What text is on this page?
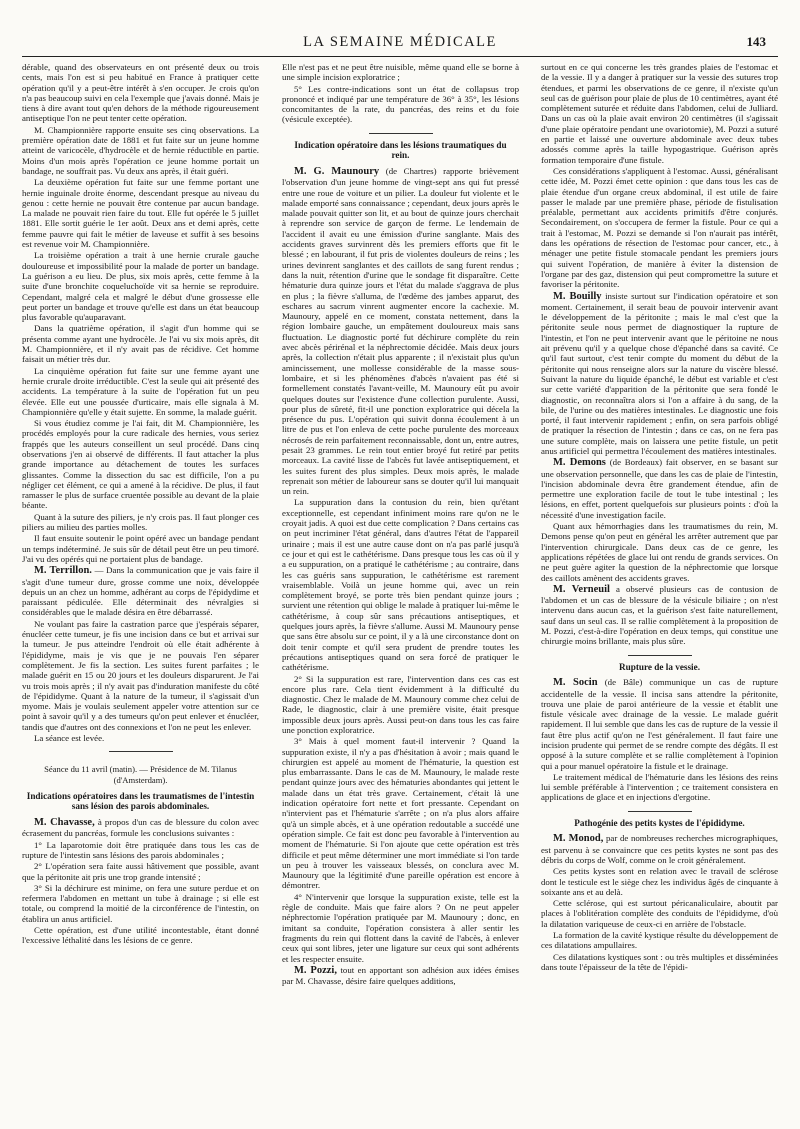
LA SEMAINE MÉDICALE	143

dérable, quand des observateurs en ont présenté deux ou trois cents, mais l'on est si peu habitué en France à pratiquer cette opération qu'il y a peut-être intérêt à s'en occuper. Je crois qu'on n'a pas beaucoup suivi en cela l'exemple que j'avais donné. Mais je tiens à dire avant tout qu'en dehors de la méthode rigoureusement antiseptique l'on ne peut tenter cette opération.

M. Championnière rapporte ensuite ses cinq observations. La première opération date de 1881 et fut faite sur un jeune homme atteint de varicocèle, d'hydrocèle et de hernie réductible en partie. Moins d'un mois après l'opération ce jeune homme portait un bandage, ne souffrait pas. Vu deux ans après, il était guéri.

La deuxième opération fut faite sur une femme portant une hernie inguinale droite énorme, descendant presque au niveau du genou : cette hernie ne pouvait être contenue par aucun bandage. La malade ne pouvait rien faire du tout. Elle fut opérée le 5 juillet 1881. Elle sortit guérie le 1er août. Deux ans et demi après, cette femme pauvre qui fait le métier de laveuse et suffit à ses besoins est revenue voir M. Championnière.

La troisième opération a trait à une hernie crurale gauche douloureuse et impossibilité pour la malade de porter un bandage. La guérison a eu lieu. De plus, six mois après, cette femme à la suite d'une bronchite coqueluchoïde vit sa hernie se reproduire. Cependant, malgré cela et malgré le début d'une grossesse elle peut porter un bandage et trouve qu'elle est dans un état beaucoup plus favorable qu'auparavant.

Dans la quatrième opération, il s'agit d'un homme qui se présenta comme ayant une hydrocèle. Je l'ai vu six mois après, dit M. Championnière, et il n'y avait pas de récidive. Cet homme faisait un métier très dur.

La cinquième opération fut faite sur une femme ayant une hernie crurale droite irréductible. C'est la seule qui ait présenté des accidents. La température à la suite de l'opération fut un peu élevée. Elle eut une poussée d'urticaire, mais elle signala à M. Championnière qu'elle y était sujette. En somme, la malade guérit.

Si vous étudiez comme je l'ai fait, dit M. Championnière, les procédés employés pour la cure radicale des hernies, vous seriez frappés que les auteurs conseillent un seul procédé. Dans cinq observations j'en ai observé de différents. Il faut attacher la plus grande importance au détachement de toutes les surfaces glissantes. Comme la dissection du sac est difficile, l'on a pu négliger cet élément, ce qui a amené à la récidive. De plus, il faut ramasser le plus de surface cruentée possible au devant de la plaie béante.

Quant à la suture des piliers, je n'y crois pas. Il faut plonger ces piliers au milieu des parties molles.

Il faut ensuite soutenir le point opéré avec un bandage pendant un temps indéterminé. Je suis sûr de détail peut être un peu timoré. J'ai vu des opérés qui ne portaient plus de bandage.

M. Terrillon. — Dans la communication que je vais faire il s'agit d'une tumeur dure, grosse comme une noix, développée depuis un an chez un homme, adhérant au corps de l'épidydime et paraissant pédiculée. Elle déterminait des névralgies si considérables que le malade désira en être débarrassé.

Ne voulant pas faire la castration parce que j'espérais séparer, énucléer cette tumeur, je fis une incision dans ce but et arrivai sur la tumeur. Je pus atteindre l'endroit où elle était adhérente à l'épididyme, mais je vis que je ne pouvais l'en séparer complètement. Je fis la section. Les suites furent parfaites ; le malade guérit en 15 ou 20 jours et les douleurs disparurent. Je l'ai vu trois mois après ; il n'y avait pas d'induration manifeste du côté de l'épididyme. Quant à la nature de la tumeur, il s'agissait d'un myome. Mais je voulais seulement appeler votre attention sur ce point à savoir qu'il y a des tumeurs qu'on peut enlever et énucléer, tandis que d'autres ont des connexions et l'on ne peut les enlever.

La séance est levée.

Séance du 11 avril (matin). — Présidence de M. Tilanus (d'Amsterdam).

Indications opératoires dans les traumatismes de l'intestin sans lésion des parois abdominales.

M. Chavasse, à propos d'un cas de blessure du colon avec écrasement du pancréas, formule les conclusions suivantes :

1° La laparotomie doit être pratiquée dans tous les cas de rupture de l'intestin sans lésions des parois abdominales ;

2° L'opération sera faite aussi hâtivement que possible, avant que la péritonite ait pris une trop grande intensité ;

3° Si la déchirure est minime, on fera une suture perdue et on refermera l'abdomen en mettant un tube à drainage ; si elle est totale, ou comprend la moitié de la circonférence de l'intestin, on établira un anus artificiel.

Cette opération, est d'une utilité incontestable, étant donné l'excessive léthalité dans les lésions de ce genre.

Elle n'est pas et ne peut être nuisible, même quand elle se borne à une simple incision exploratrice ;

5° Les contre-indications sont un état de collapsus trop prononcé et indiqué par une température de 36° à 35°, les lésions concomitantes de la rate, du pancréas, des reins et du foie (vésicule exceptée).

Indication opératoire dans les lésions traumatiques du rein.

M. G. Maunoury (de Chartres) rapporte brièvement l'observation d'un jeune homme de vingt-sept ans qui fut pressé entre une roue de voiture et un pilier. La douleur fut violente et le malade emporté sans connaissance ; cependant, deux jours après le malade pouvait quitter son lit, et au bout de quinze jours cherchait à reprendre son service de garçon de ferme. Le lendemain de l'accident il avait eu une émission d'urine sanglante. Mais des accidents graves survinrent dès les premiers efforts que fit le blessé ; en labourant, il fut pris de violentes douleurs de reins ; les urines devinrent sanglantes et des caillots de sang furent rendus ; dans la nuit, rétention d'urine que le sondage fit disparaître. Cette hématurie dura quinze jours et l'état du malade s'aggrava de plus en plus ; la fièvre s'alluma, de l'œdème des jambes apparut, des eschares au sacrum vinrent augmenter encore la cachexie. M. Maunoury, appelé en ce moment, constata nettement, dans la région lombaire gauche, un empâtement douloureux mais sans fluctuation. Le diagnostic porté fut déchirure complète du rein avec abcès périrénal et la néphrectomie décidée. Mais deux jours après, la collection n'était plus apparente ; il n'existait plus qu'un amincissement, une mollesse considérable de la masse sous-lombaire, et si les phénomènes d'abcès n'avaient pas été si formellement constatés l'avant-veille, M. Maunoury eût pu avoir quelques doutes sur l'existence d'une collection purulente. Aussi, pour plus de sûreté, fit-il une ponction exploratrice qui décela la présence du pus. L'opération qui suivit donna écoulement à un litre de pus et l'on enleva de cette poche purulente des morceaux nécrosés de rein parfaitement reconnaissable, dont un, entre autres, pesait 23 grammes. Le rein tout entier broyé fut retiré par petits morceaux. La cavité lisse de l'abcès fut lavée antiseptiquement, et les suites furent des plus simples. Deux mois après, le malade reprenait son métier de laboureur sans se douter qu'il lui manquait un rein.

La suppuration dans la contusion du rein, bien qu'étant exceptionnelle, est cependant infiniment moins rare qu'on ne le croyait jadis. A quoi est due cette complication ? Dans certains cas on peut incriminer l'état général, dans d'autres l'état de l'appareil urinaire ; mais il est une autre cause dont on n'a pas parlé jusqu'à ce jour et qui est le cathétérisme. Dans presque tous les cas où il y a eu suppuration, on a pratiqué le cathétérisme ; au contraire, dans les cas guéris sans suppuration, le cathétérisme est rarement vraisemblable. Voilà un jeune homme qui, avec un rein complètement broyé, se porte très bien pendant quinze jours ; survient une rétention qui oblige le malade à pratiquer lui-même le cathétérisme, à coup sûr sans précautions antiseptiques, et quelques jours après, la fièvre s'allume. Aussi M. Maunoury pense que sans être absolu sur ce point, il y a là une circonstance dont on doit tenir compte et qu'il sera prudent de prendre toutes les précautions antiseptiques quand on sera forcé de pratiquer le cathétérisme.

2° Si la suppuration est rare, l'intervention dans ces cas est encore plus rare. Cela tient évidemment à la difficulté du diagnostic. Chez le malade de M. Maunoury comme chez celui de Rade, le diagnostic, clair à une première visite, était presque impossible deux jours après. Aussi peut-on dans tous les cas faire une ponction exploratrice.

3° Mais à quel moment faut-il intervenir ? Quand la suppuration existe, il n'y a pas d'hésitation à avoir ; mais quand le chirurgien est appelé au moment de l'hématurie, la question est plus embarrassante. Dans le cas de M. Maunoury, le malade reste pendant quinze jours avec des hématuries abondantes qui jettent le malade dans un état très grave. Certainement, c'était là une indication opératoire fort nette et fort pressante. Cependant on n'intervient pas et l'hématurie s'arrête ; on n'a plus alors affaire qu'à un simple abcès, et à une opération redoutable a succédé une opération simple. Ce fait est donc peu favorable à l'intervention au moment de l'hématurie. Si l'on ajoute que cette opération est très difficile et peut même déterminer une mort immédiate si l'on tarde un peu à trouver les vaisseaux blessés, on conclura avec M. Maunoury que la légitimité d'une pareille opération est encore à démontrer.

4° N'intervenir que lorsque la suppuration existe, telle est la règle de conduite. Mais que faire alors ? On ne peut appeler néphrectomie l'opération pratiquée par M. Maunoury ; donc, en imitant sa conduite, l'opération consistera à aller sentir les fragments du rein qui flottent dans la cavité de l'abcès, à enlever ceux qui sont libres, jeter une ligature sur ceux qui sont adhérents et les respecter ensuite.

M. Pozzi, tout en apportant son adhésion aux idées émises par M. Chavasse, désire faire quelques additions,

surtout en ce qui concerne les très grandes plaies de l'estomac et de la vessie. Il y a danger à pratiquer sur la vessie des sutures trop étendues, et parmi les observations de ce genre, il n'existe qu'un seul cas de guérison pour plaie de plus de 10 centimètres, ayant été complètement suturée et réduite dans l'abdomen, celui de Julliard. Dans un cas où la plaie avait environ 20 centimètres (il s'agissait d'une plaie opératoire pendant une ovariotomie), M. Pozzi a suturé en partie et laissé une ouverture abdominale avec deux tubes adossés comme après la taille hypogastrique. Guérison après formation temporaire d'une fistule.

Ces considérations s'appliquent à l'estomac. Aussi, généralisant cette idée, M. Pozzi émet cette opinion : que dans tous les cas de plaie étendue d'un organe creux abdominal, il est utile de faire passer le malade par une première phase, période de fistulisation préalable, permettant aux accidents primitifs d'être conjurés. Secondairement, on s'occupera de fermer la fistule. Pour ce qui a trait à l'estomac, M. Pozzi se demande si l'on n'aurait pas intérêt, dans les opérations de résection de l'estomac pour cancer, etc., à ménager une petite fistule stomacale pendant les premiers jours qui suivent l'opération, de manière à éviter la distension de l'organe par des gaz, distension qui peut compromettre la suture et favoriser la péritonite.

M. Bouilly insiste surtout sur l'indication opératoire et son moment. Certainement, il serait beau de pouvoir intervenir avant le développement de la péritonite ; mais le mal c'est que la péritonite seule nous permet de diagnostiquer la rupture de l'intestin, et l'on ne peut intervenir avant que le péritoine ne nous ait prévenu qu'il y a quelque chose d'épanché dans sa cavité. Ce qu'il faut surtout, c'est tenir compte du moment du début de la péritonite qui nous renseigne alors sur la nature du viscère blessé. Suivant la nature du liquide épanché, le début est variable et c'est sur cette variété d'apparition de la péritonite que sera fondé le diagnostic, on reconnaîtra alors si l'on a affaire à du sang, de la bile, de l'urine ou des matières intestinales. Le diagnostic une fois porté, il faut intervenir rapidement ; enfin, on sera parfois obligé de pratiquer la résection de l'intestin ; dans ce cas, on ne fera pas une suture complète, mais on laissera une petite fistule, un petit anus artificiel qui permettra l'écoulement des matières intestinales.

M. Demons (de Bordeaux) fait observer, en se basant sur une observation personnelle, que dans les cas de plaie de l'intestin, l'incision abdominale devra être grandement étendue, afin de permettre une exploration facile de tout le tube intestinal ; les lésions, en effet, portent quelquefois sur plusieurs points : d'où la nécessité d'une investigation facile.

Quant aux hémorrhagies dans les traumatismes du rein, M. Demons pense qu'on peut en général les arrêter autrement que par l'intervention chirurgicale. Dans deux cas de ce genre, les applications répétées de glace lui ont rendu de grands services. On ne peut guère agiter la question de la néphrectomie que lorsque des caillots amènent des accidents graves.

M. Verneuil a observé plusieurs cas de contusion de l'abdomen et un cas de blessure de la vésicule biliaire ; on n'est intervenu dans aucun cas, et la guérison s'est faite naturellement, sauf dans un seul cas. Il se rallie complètement à la proposition de M. Pozzi, c'est-à-dire l'opération en deux temps, qui constitue une chirurgie moins brillante, mais plus sûre.

Rupture de la vessie.

M. Socin (de Bâle) communique un cas de rupture accidentelle de la vessie. Il incisa sans attendre la péritonite, trouva une plaie de paroi antérieure de la vessie et établit une fistule vésicale avec drainage de la vessie. Le malade guérit rapidement. Il lui semble que dans les cas de rupture de la vessie il faut être plus actif qu'on ne l'est généralement. Il faut faire une incision prudente qui permet de se rendre compte des dégâts. Il est opposé à la suture complète et se rallie complètement à l'opinion qui a pour manuel opératoire la fistule et le drainage.

Le traitement médical de l'hématurie dans les lésions des reins lui semble préférable à l'intervention ; ce traitement consistera en applications de glace et en injections d'ergotine.

Pathogénie des petits kystes de l'épididyme.

M. Monod, par de nombreuses recherches micrographiques, est parvenu à se convaincre que ces petits kystes ne sont pas des débris du corps de Wolf, comme on le croit généralement.

Ces petits kystes sont en relation avec le travail de sclérose dont le testicule est le siège chez les individus âgés de cinquante à soixante ans et au delà.

Cette sclérose, qui est surtout péricanaliculaire, aboutit par places à l'oblitération complète des conduits de l'épididyme, d'où la dilatation variqueuse de ceux-ci en arrière de l'obstacle.

La formation de la cavité kystique résulte du développement de ces dilatations ampullaires.

Ces dilatations kystiques sont : ou très multiples et disséminées dans toute l'épaisseur de la tête de l'épidi-
